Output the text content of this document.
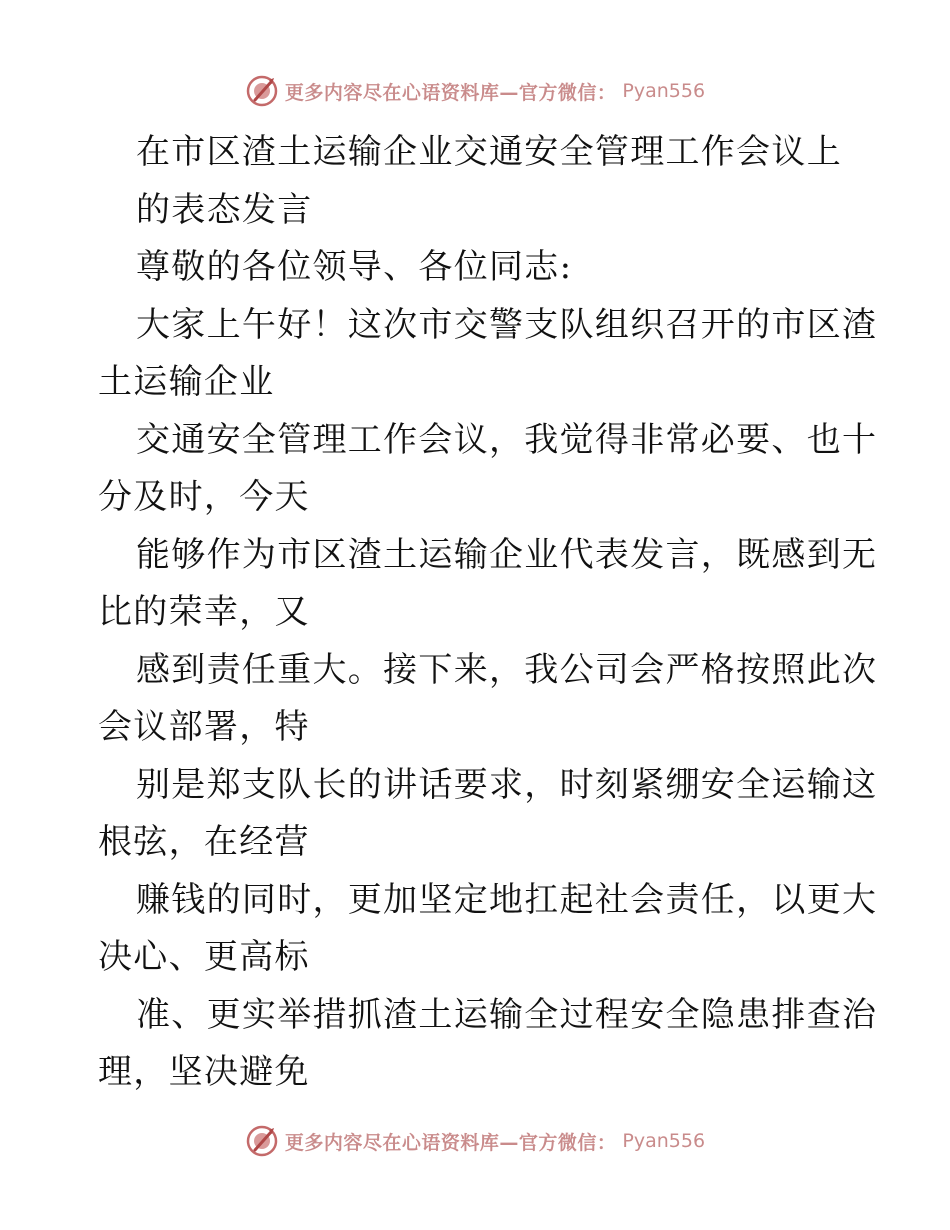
更多内容尽在心语资料库—官方微信： Pyan556
在市区渣土运输企业交通安全管理工作会议上
的表态发言
尊敬的各位领导、各位同志:
大家上午好！这次市交警支队组织召开的市区渣
土运输企业
交通安全管理工作会议，我觉得非常必要、也十
分及时，今天
能够作为市区渣土运输企业代表发言，既感到无
比的荣幸，又
感到责任重大。接下来，我公司会严格按照此次
会议部署，特
别是郑支队长的讲话要求，时刻紧绷安全运输这
根弦，在经营
赚钱的同时，更加坚定地扛起社会责任，以更大
决心、更高标
准、更实举措抓渣土运输全过程安全隐患排查治
理，坚决避免
更多内容尽在心语资料库—官方微信： Pyan556
